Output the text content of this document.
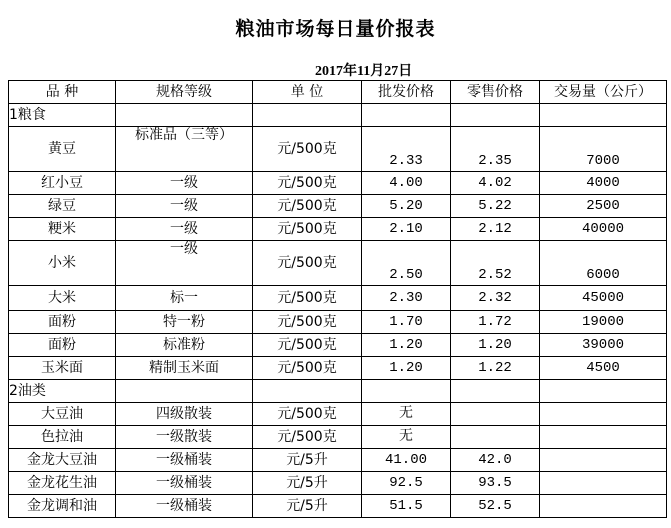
粮油市场每日量价报表
2017年11月27日
品 种	规格等级	单 位	批发价格	零售价格	交易量（公斤）
1粮食					
黄豆	标准品（三等）	元/500克	2.33	2.35	7000
红小豆	一级	元/500克	4.00	4.02	4000
绿豆	一级	元/500克	5.20	5.22	2500
粳米	一级	元/500克	2.10	2.12	40000
小米	一级	元/500克	2.50	2.52	6000
大米	标一	元/500克	2.30	2.32	45000
面粉	特一粉	元/500克	1.70	1.72	19000
面粉	标准粉	元/500克	1.20	1.20	39000
玉米面	精制玉米面	元/500克	1.20	1.22	4500
2油类					
大豆油	四级散装	元/500克	无		
色拉油	一级散装	元/500克	无		
金龙大豆油	一级桶装	元/5升	41.00	42.0	
金龙花生油	一级桶装	元/5升	92.5	93.5	
金龙调和油	一级桶装	元/5升	51.5	52.5	
